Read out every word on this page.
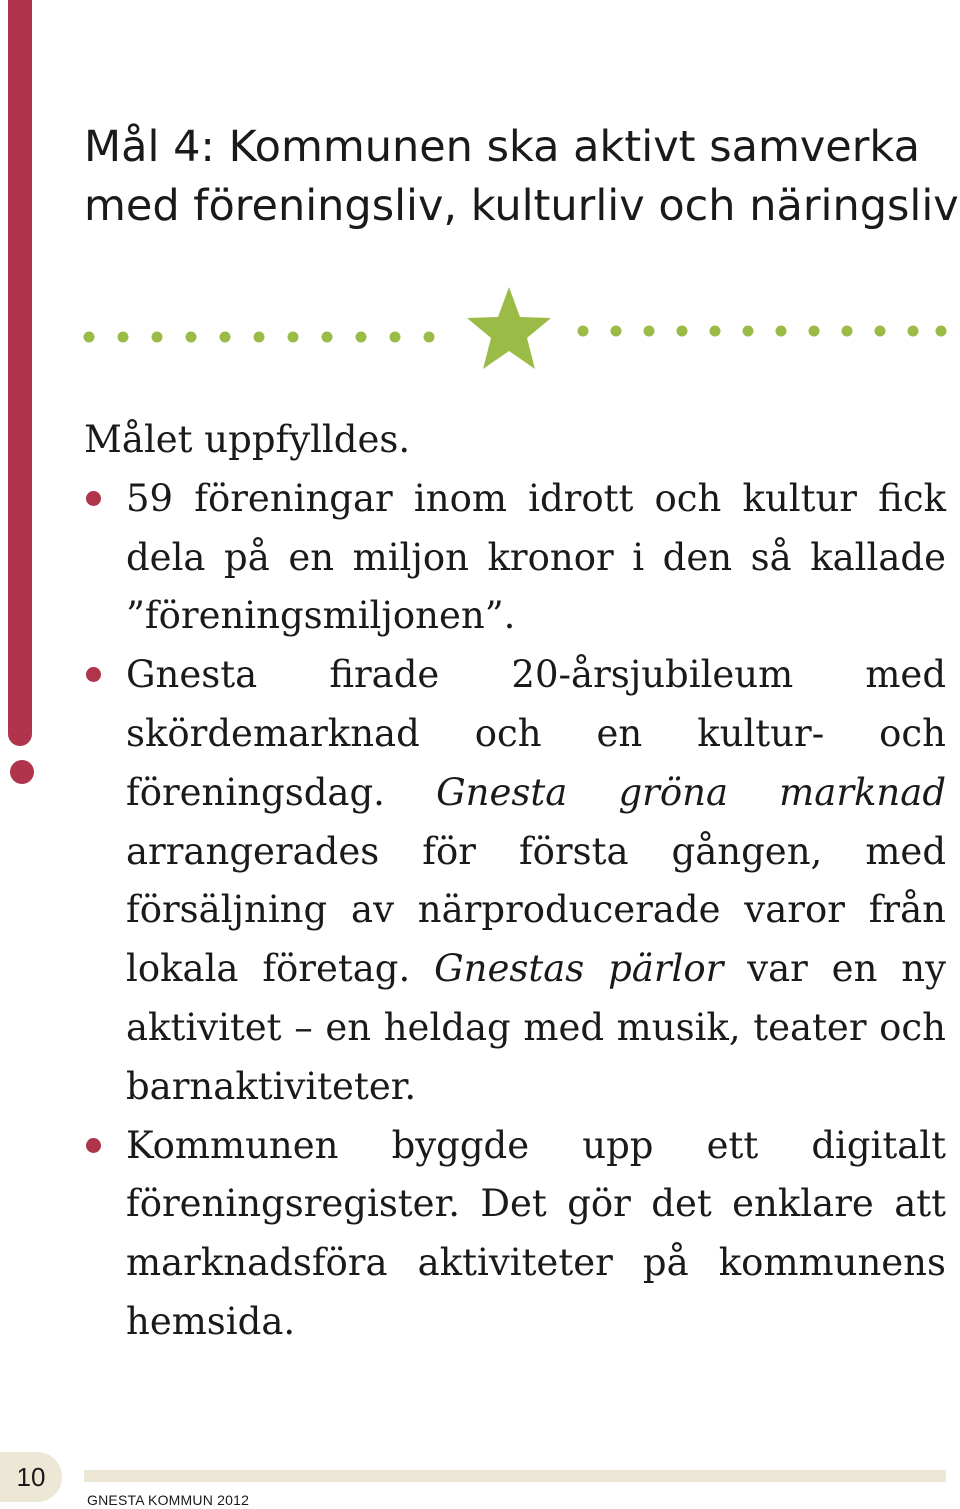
Mål 4: Kommunen ska aktivt samverka
med föreningsliv, kulturliv och näringsliv

Målet uppfylldes.

59 föreningar inom idrott och kultur fick dela på en miljon kronor i den så kallade ”föreningsmiljonen”.
Gnesta firade 20-årsjubileum med skördemarknad och en kultur- och föreningsdag. Gnesta gröna marknad arrangerades för första gången, med försäljning av närproducerade varor från lokala företag. Gnestas pärlor var en ny aktivitet – en heldag med musik, teater och barnaktiviteter.
Kommunen byggde upp ett digitalt föreningsregister. Det gör det enklare att marknadsföra aktiviteter på kommunens hemsida.
10
GNESTA KOMMUN 2012
